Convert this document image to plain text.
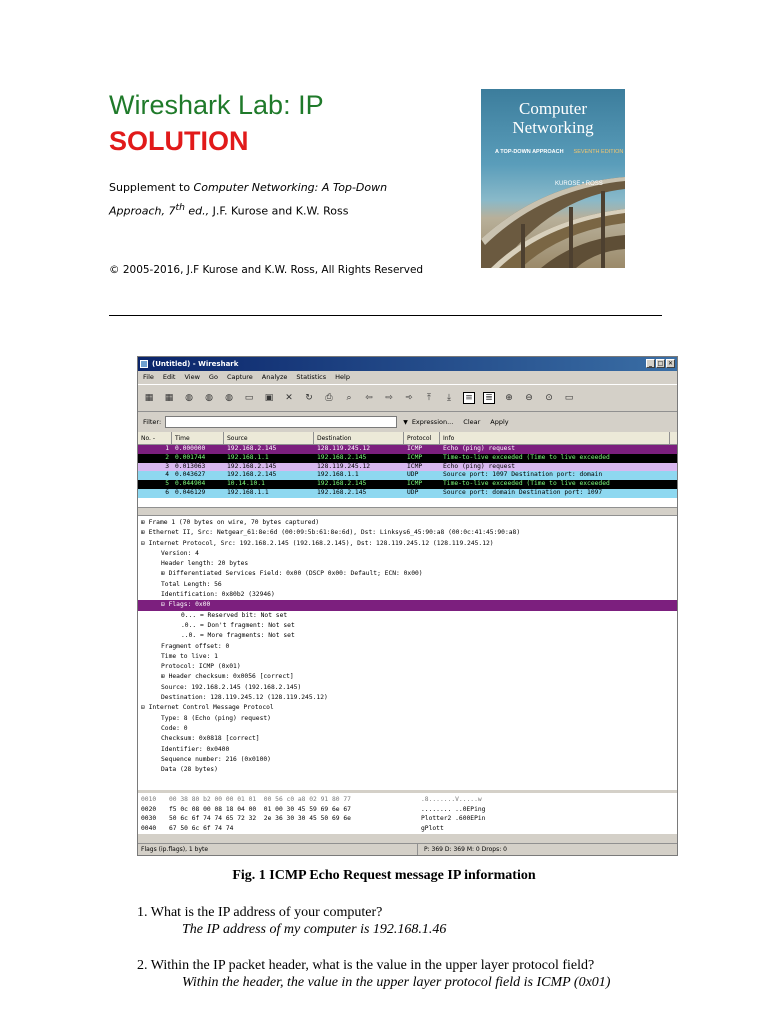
Wireshark Lab: IP
SOLUTION
Supplement to Computer Networking: A Top-Down
Approach, 7th ed., J.F. Kurose and K.W. Ross
© 2005-2016, J.F Kurose and K.W. Ross, All Rights Reserved
Computer
Networking
A TOP-DOWN APPROACH SEVENTH EDITION
KUROSE • ROSS
(Untitled) - Wireshark	_ □ ✕
File Edit View Go Capture Analyze Statistics Help
▦ ▦ ◍ ◍ ◍ ▭ ▣ ✕ ↻ ⎙ ⌕ ⇦ ⇨ ➾	⤒	⤓	≡ ≣ ⊕ ⊖ ⊙ ▭
Filter:	▼ Expression... Clear Apply
No. -	Time	Source	Destination	Protocol	Info
1 0.000000	192.168.2.145	128.119.245.12	ICMP	Echo (ping) request
2 0.001744	192.168.1.1	192.168.2.145	ICMP	Time-to-live exceeded (Time to live exceeded
3 0.013063	192.168.2.145	128.119.245.12	ICMP	Echo (ping) request
4 0.043627	192.168.2.145	192.168.1.1	UDP	Source port: 1097 Destination port: domain
5 0.044904	10.14.10.1	192.168.2.145	ICMP	Time-to-live exceeded (Time to live exceeded
6 0.046129	192.168.1.1	192.168.2.145	UDP	Source port: domain Destination port: 1097
⊞ Frame 1 (70 bytes on wire, 70 bytes captured)
⊞ Ethernet II, Src: Netgear_61:8e:6d (00:09:5b:61:8e:6d), Dst: Linksys6_45:90:a8 (00:0c:41:45:90:a8)
⊟ Internet Protocol, Src: 192.168.2.145 (192.168.2.145), Dst: 128.119.245.12 (128.119.245.12)
Version: 4
Header length: 20 bytes
⊞ Differentiated Services Field: 0x00 (DSCP 0x00: Default; ECN: 0x00)
Total Length: 56
Identification: 0x80b2 (32946)
⊟ Flags: 0x00
0... = Reserved bit: Not set
.0.. = Don't fragment: Not set
..0. = More fragments: Not set
Fragment offset: 0
Time to live: 1
Protocol: ICMP (0x01)
⊞ Header checksum: 0x0056 [correct]
Source: 192.168.2.145 (192.168.2.145)
Destination: 128.119.245.12 (128.119.245.12)
⊟ Internet Control Message Protocol
Type: 8 (Echo (ping) request)
Code: 0
Checksum: 0x0818 [correct]
Identifier: 0x0400
Sequence number: 216 (0x0100)
Data (28 bytes)
0010	00 38 80 b2 00 00 01 01  00 56 c0 a8 02 91 80 77	.8.......V.....w
0020	f5 0c 08 00 08 18 04 00  01 00 30 45 59 69 6e 67	........ ..0EPing
0030	50 6c 6f 74 74 65 72 32  2e 36 30 30 45 50 69 6e	Plotter2 .600EPin
0040	67 50 6c 6f 74 74	gPlott
Flags (ip.flags), 1 byte	P: 369 D: 369 M: 0 Drops: 0
Fig. 1 ICMP Echo Request message IP information
1. What is the IP address of your computer?
The IP address of my computer is 192.168.1.46
2. Within the IP packet header, what is the value in the upper layer protocol field?
Within the header, the value in the upper layer protocol field is ICMP (0x01)
